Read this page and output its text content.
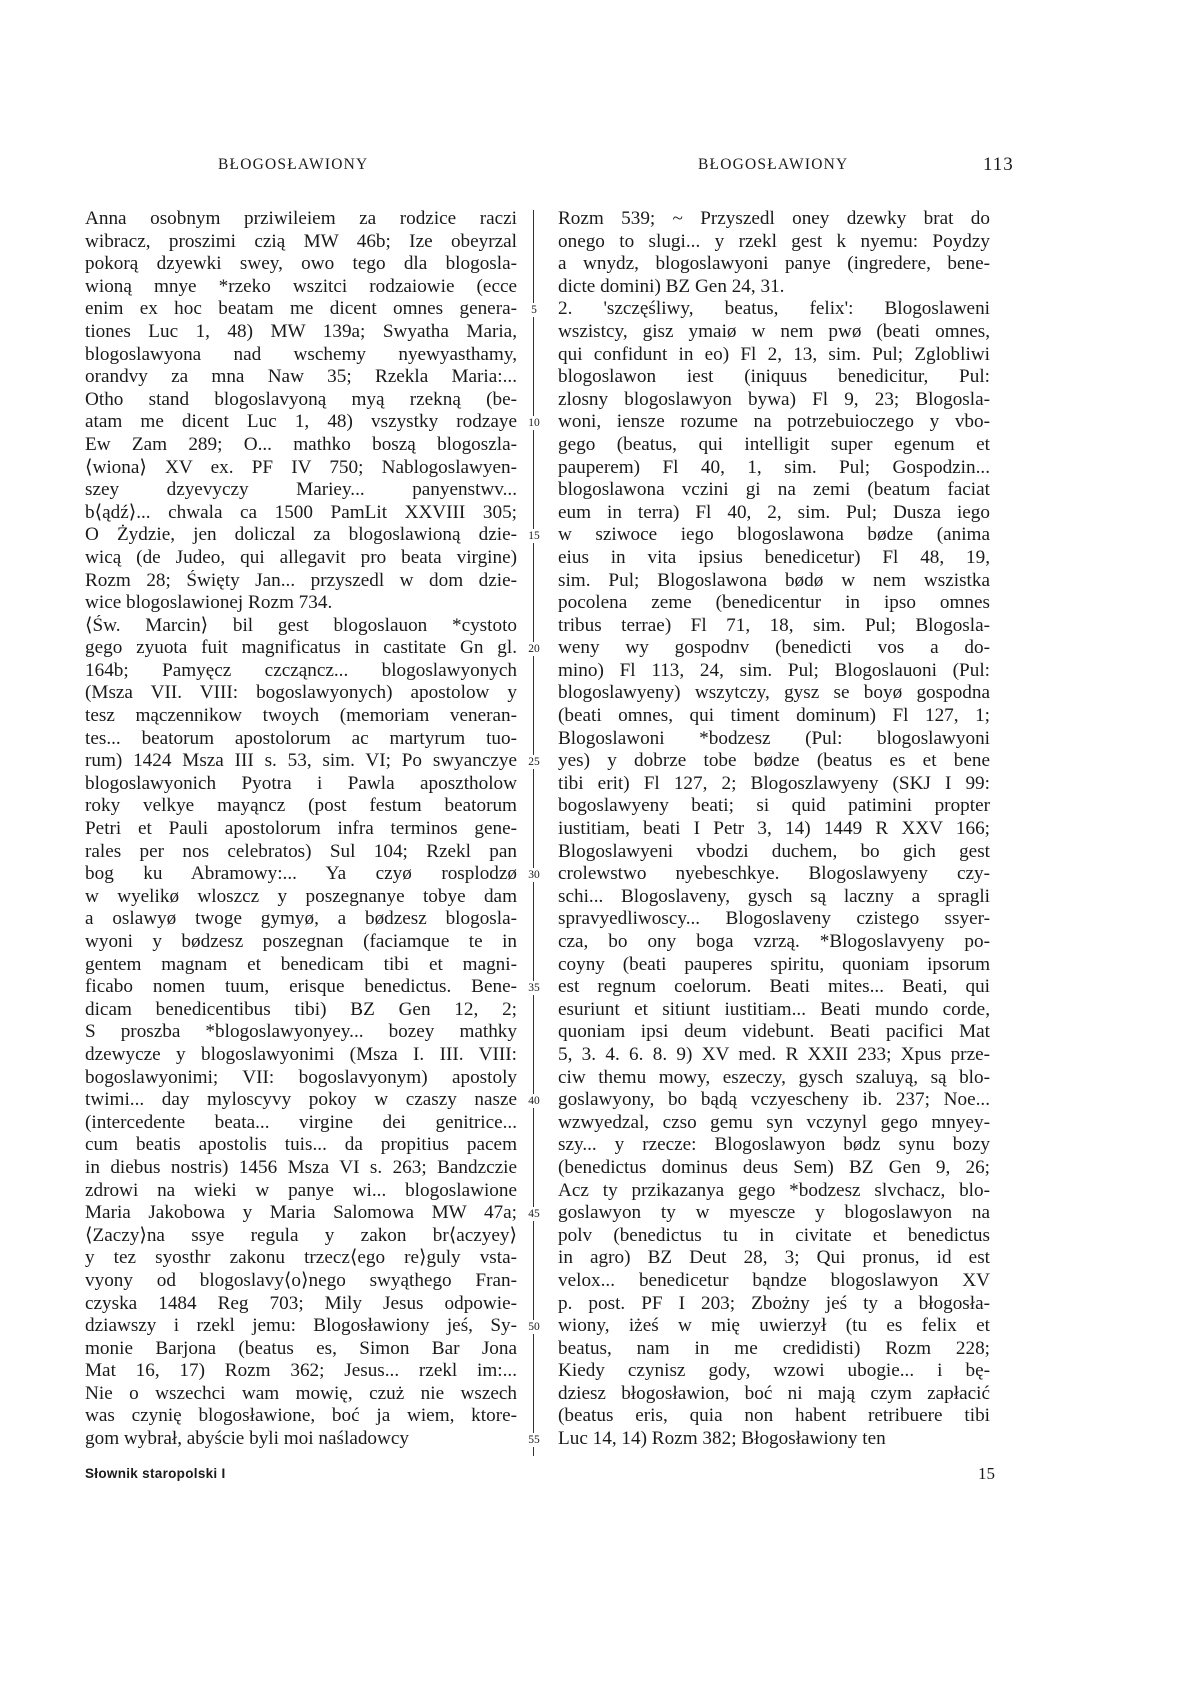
BŁOGOSŁAWIONY	BŁOGOSŁAWIONY	113
Anna osobnym prziwileiem za rodzice raczi
wibracz, proszimi czią MW 46b; Ize obeyrzal
pokorą dzyewki swey, owo tego dla blogosla-
wioną mnye *rzeko wszitci rodzaiowie (ecce
enim ex hoc beatam me dicent omnes genera-
tiones Luc 1, 48) MW 139a; Swyatha Maria,
blogoslawyona nad wschemy nyewyasthamy,
orandvy za mna Naw 35; Rzekla Maria:...
Otho stand blogoslavyoną myą rzekną (be-
atam me dicent Luc 1, 48) vszystky rodzaye
Ew Zam 289; O... mathko boszą blogoszla-
⟨wiona⟩ XV ex. PF IV 750; Nablogoslawyen-
szey dzyevyczy Mariey... panyenstwv...
b⟨ądź⟩... chwala ca 1500 PamLit XXVIII 305;
O Żydzie, jen doliczal za blogoslawioną dzie-
wicą (de Judeo, qui allegavit pro beata virgine)
Rozm 28; Święty Jan... przyszedl w dom dzie-
wice blogoslawionej Rozm 734.
⟨Św. Marcin⟩ bil gest blogoslauon *cystoto
gego zyuota fuit magnificatus in castitate Gn gl.
164b; Pamyęcz czcząncz... blogoslawyonych
(Msza VII. VIII: bogoslawyonych) apostolow y
tesz mączennikow twoych (memoriam veneran-
tes... beatorum apostolorum ac martyrum tuo-
rum) 1424 Msza III s. 53, sim. VI; Po swyanczye
blogoslawyonich Pyotra i Pawla aposztholow
roky velkye mayąncz (post festum beatorum
Petri et Pauli apostolorum infra terminos gene-
rales per nos celebratos) Sul 104; Rzekl pan
bog ku Abramowy:... Ya czyø rosplodzø
w wyelikø wloszcz y poszegnanye tobye dam
a oslawyø twoge gymyø, a bødzesz blogosla-
wyoni y bødzesz poszegnan (faciamque te in
gentem magnam et benedicam tibi et magni-
ficabo nomen tuum, erisque benedictus. Bene-
dicam benedicentibus tibi) BZ Gen 12, 2;
S proszba *blogoslawyonyey... bozey mathky
dzewycze y blogoslawyonimi (Msza I. III. VIII:
bogoslawyonimi; VII: bogoslavyonym) apostoly
twimi... day myloscyvy pokoy w czaszy nasze
(intercedente beata... virgine dei genitrice...
cum beatis apostolis tuis... da propitius pacem
in diebus nostris) 1456 Msza VI s. 263; Bandzczie
zdrowi na wieki w panye wi... blogoslawione
Maria Jakobowa y Maria Salomowa MW 47a;
⟨Zaczy⟩na ssye regula y zakon br⟨aczyey⟩
y tez syosthr zakonu trzecz⟨ego re⟩guly vsta-
vyony od blogoslavy⟨o⟩nego swyąthego Fran-
czyska 1484 Reg 703; Mily Jesus odpowie-
dziawszy i rzekl jemu: Blogosławiony jeś, Sy-
monie Barjona (beatus es, Simon Bar Jona
Mat 16, 17) Rozm 362; Jesus... rzekl im:...
Nie o wszechci wam mowię, czuż nie wszech
was czynię blogosławione, boć ja wiem, ktore-
gom wybrał, abyście byli moi naśladowcy
5
10
15
20
25
30
35
40
45
50
55
Rozm 539; ~ Przyszedl oney dzewky brat do
onego to slugi... y rzekl gest k nyemu: Poydzy
a wnydz, blogoslawyoni panye (ingredere, bene-
dicte domini) BZ Gen 24, 31.
2. 'szczęśliwy, beatus, felix': Blogoslaweni
wszistcy, gisz ymaiø w nem pwø (beati omnes,
qui confidunt in eo) Fl 2, 13, sim. Pul; Zglobliwi
blogoslawon iest (iniquus benedicitur, Pul:
zlosny blogoslawyon bywa) Fl 9, 23; Blogosla-
woni, iensze rozume na potrzebuioczego y vbo-
gego (beatus, qui intelligit super egenum et
pauperem) Fl 40, 1, sim. Pul; Gospodzin...
blogoslawona vczini gi na zemi (beatum faciat
eum in terra) Fl 40, 2, sim. Pul; Dusza iego
w sziwoce iego blogoslawona bødze (anima
eius in vita ipsius benedicetur) Fl 48, 19,
sim. Pul; Blogoslawona bødø w nem wszistka
pocolena zeme (benedicentur in ipso omnes
tribus terrae) Fl 71, 18, sim. Pul; Blogosla-
weny wy gospodnv (benedicti vos a do-
mino) Fl 113, 24, sim. Pul; Blogoslauoni (Pul:
blogoslawyeny) wszytczy, gysz se boyø gospodna
(beati omnes, qui timent dominum) Fl 127, 1;
Blogoslawoni *bodzesz (Pul: blogoslawyoni
yes) y dobrze tobe bødze (beatus es et bene
tibi erit) Fl 127, 2; Blogoszlawyeny (SKJ I 99:
bogoslawyeny beati; si quid patimini propter
iustitiam, beati I Petr 3, 14) 1449 R XXV 166;
Blogoslawyeni vbodzi duchem, bo gich gest
crolewstwo nyebeschkye. Blogoslawyeny czy-
schi... Blogoslaveny, gysch są laczny a spragli
spravyedliwoscy... Blogoslaveny czistego ssyer-
cza, bo ony boga vzrzą. *Blogoslavyeny po-
coyny (beati pauperes spiritu, quoniam ipsorum
est regnum coelorum. Beati mites... Beati, qui
esuriunt et sitiunt iustitiam... Beati mundo corde,
quoniam ipsi deum videbunt. Beati pacifici Mat
5, 3. 4. 6. 8. 9) XV med. R XXII 233; Xpus prze-
ciw themu mowy, eszeczy, gysch szaluyą, są blo-
goslawyony, bo bądą vczyescheny ib. 237; Noe...
wzwyedzal, czso gemu syn vczynyl gego mnyey-
szy... y rzecze: Blogoslawyon bødz synu bozy
(benedictus dominus deus Sem) BZ Gen 9, 26;
Acz ty przikazanya gego *bodzesz slvchacz, blo-
goslawyon ty w myescze y blogoslawyon na
polv (benedictus tu in civitate et benedictus
in agro) BZ Deut 28, 3; Qui pronus, id est
velox... benedicetur bąndze blogoslawyon XV
p. post. PF I 203; Zbożny jeś ty a błogosła-
wiony, iżeś w mię uwierzył (tu es felix et
beatus, nam in me credidisti) Rozm 228;
Kiedy czynisz gody, wzowi ubogie... i bę-
dziesz błogosławion, boć ni mają czym zapłacić
(beatus eris, quia non habent retribuere tibi
Luc 14, 14) Rozm 382; Błogosławiony ten
Słownik staropolski I	15
